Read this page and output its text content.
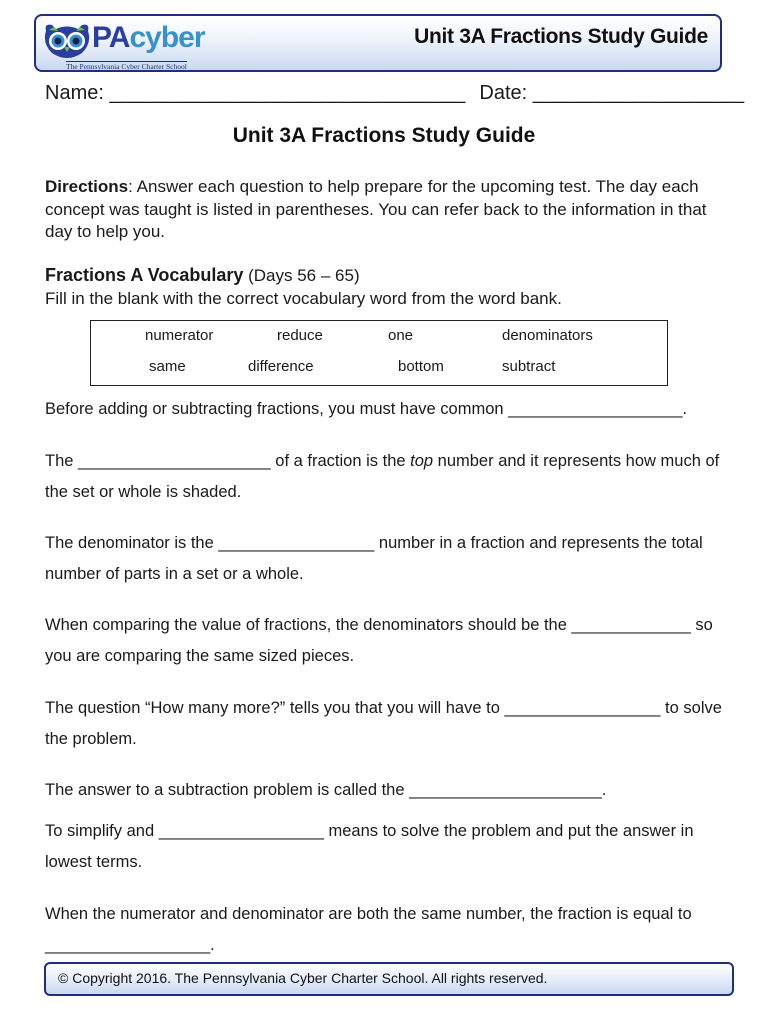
PAcyber
The Pennsylvania Cyber Charter School
Unit 3A Fractions Study Guide
Name: ________________________________ Date: ___________________
Unit 3A Fractions Study Guide
Directions: Answer each question to help prepare for the upcoming test. The day each concept was taught is listed in parentheses. You can refer back to the information in that day to help you.
Fractions A Vocabulary (Days 56 – 65)
Fill in the blank with the correct vocabulary word from the word bank.
numerator	reduce	one	denominators
same	difference	bottom	subtract
Before adding or subtracting fractions, you must have common ___________________.
The _____________________ of a fraction is the top number and it represents how much of the set or whole is shaded.
The denominator is the _________________ number in a fraction and represents the total number of parts in a set or a whole.
When comparing the value of fractions, the denominators should be the _____________ so you are comparing the same sized pieces.
The question “How many more?” tells you that you will have to _________________ to solve the problem.
The answer to a subtraction problem is called the _____________________.
To simplify and __________________ means to solve the problem and put the answer in lowest terms.
When the numerator and denominator are both the same number, the fraction is equal to __________________.
© Copyright 2016. The Pennsylvania Cyber Charter School. All rights reserved.
